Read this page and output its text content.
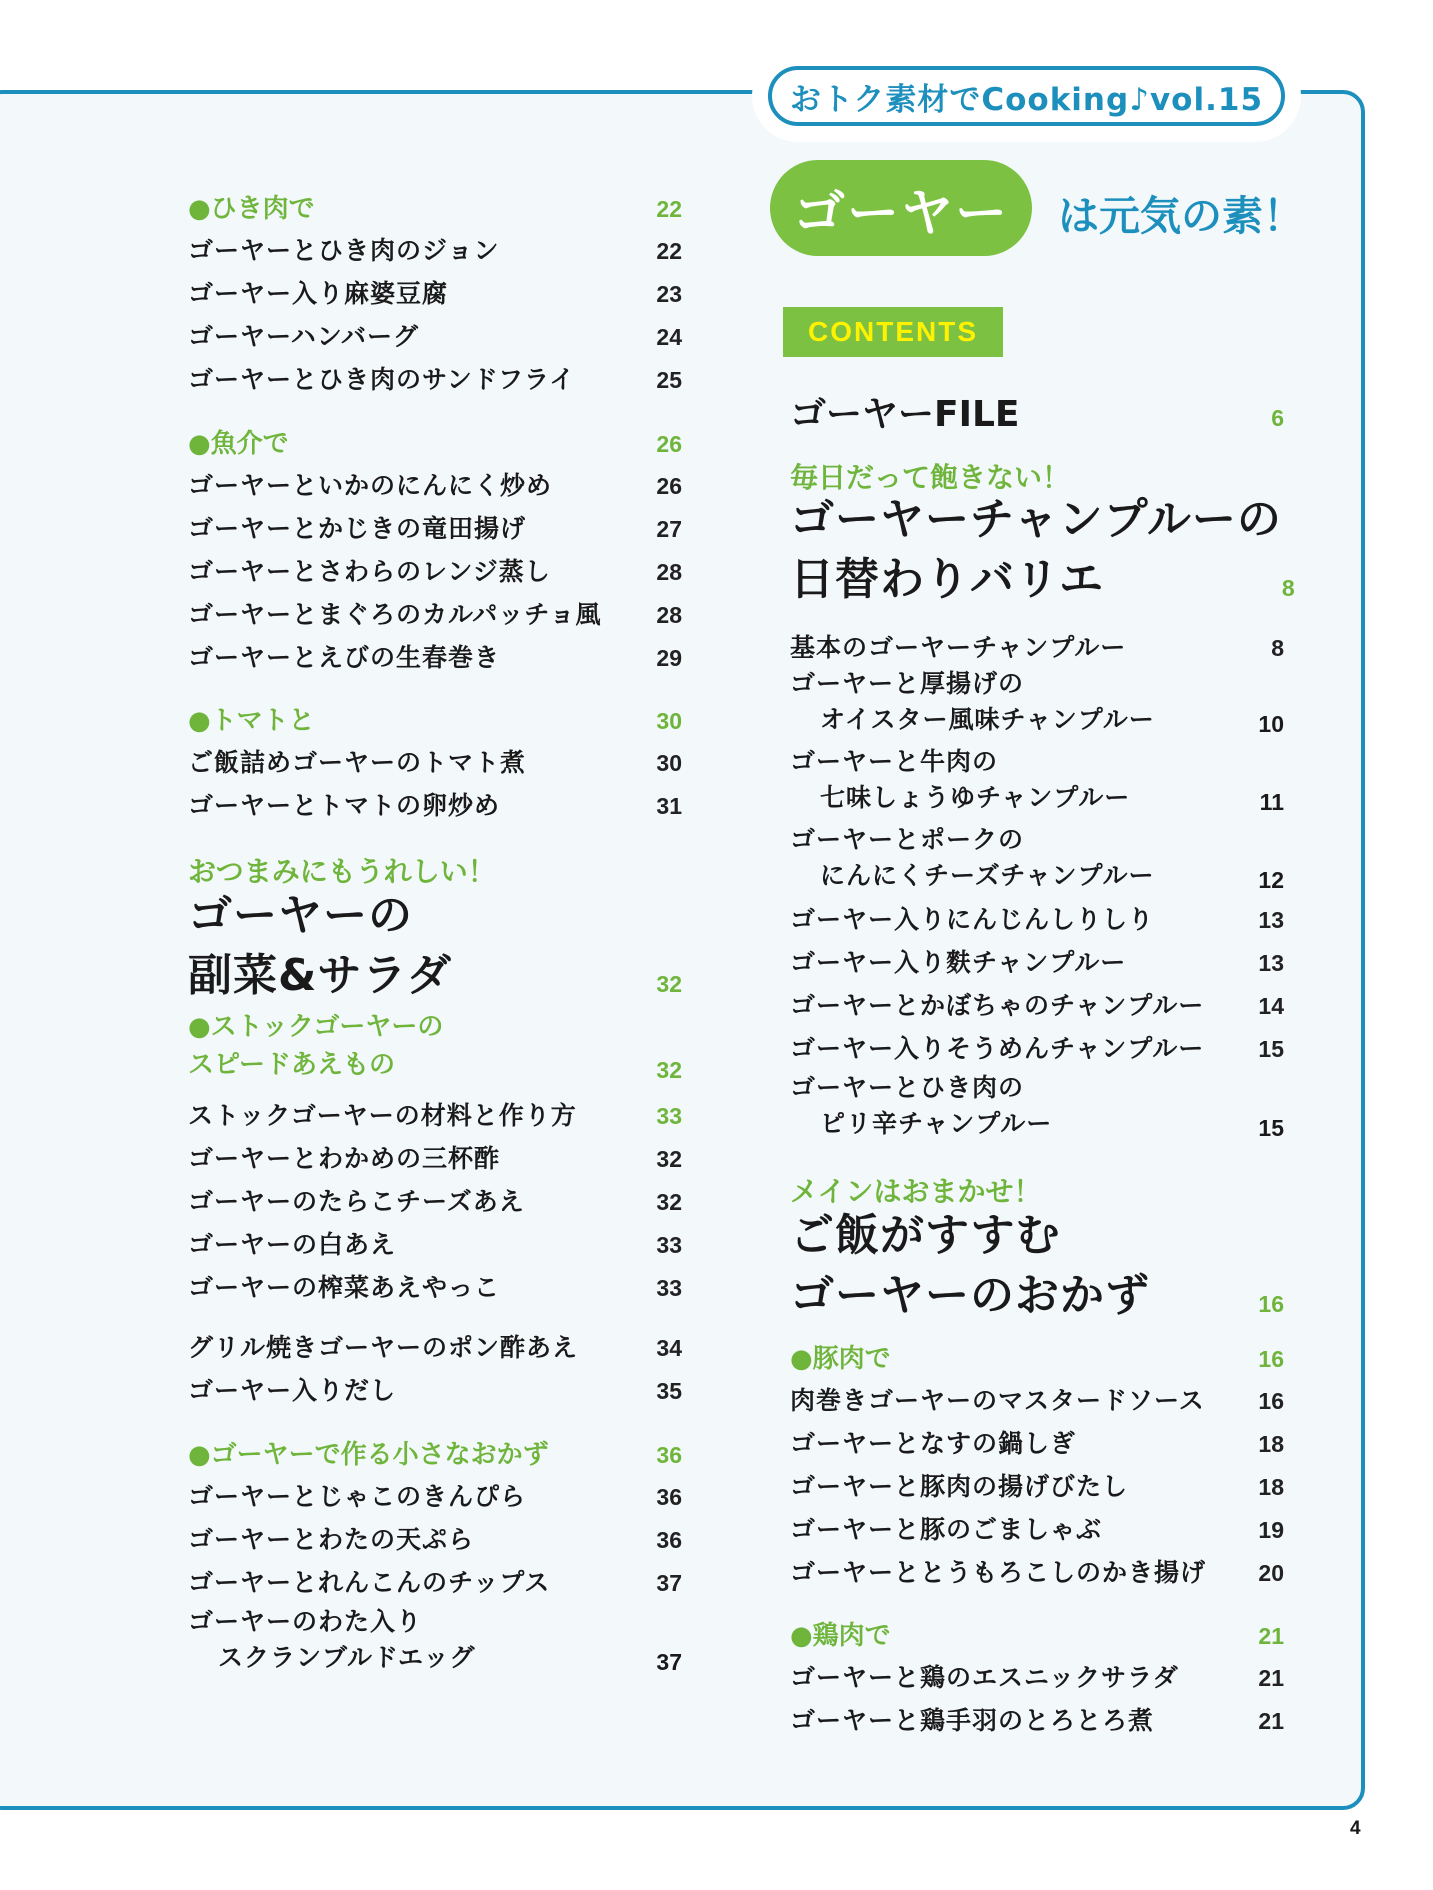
おトク素材でCooking♪vol.15
ゴーヤー	は元気の素！
CONTENTS
ゴーヤーFILE	6
毎日だって飽きない！
ゴーヤーチャンプルーの
日替わりバリエ	8
基本のゴーヤーチャンプルー	8
ゴーヤーと厚揚げの
オイスター風味チャンプルー	10
ゴーヤーと牛肉の
七味しょうゆチャンプルー	11
ゴーヤーとポークの
にんにくチーズチャンプルー	12
ゴーヤー入りにんじんしりしり	13
ゴーヤー入り麩チャンプルー	13
ゴーヤーとかぼちゃのチャンプルー	14
ゴーヤー入りそうめんチャンプルー	15
ゴーヤーとひき肉の
ピリ辛チャンプルー	15
メインはおまかせ！
ご飯がすすむ
ゴーヤーのおかず	16
●豚肉で	16
肉巻きゴーヤーのマスタードソース	16
ゴーヤーとなすの鍋しぎ	18
ゴーヤーと豚肉の揚げびたし	18
ゴーヤーと豚のごましゃぶ	19
ゴーヤーととうもろこしのかき揚げ	20
●鶏肉で	21
ゴーヤーと鶏のエスニックサラダ	21
ゴーヤーと鶏手羽のとろとろ煮	21
●ひき肉で	22
ゴーヤーとひき肉のジョン	22
ゴーヤー入り麻婆豆腐	23
ゴーヤーハンバーグ	24
ゴーヤーとひき肉のサンドフライ	25
●魚介で	26
ゴーヤーといかのにんにく炒め	26
ゴーヤーとかじきの竜田揚げ	27
ゴーヤーとさわらのレンジ蒸し	28
ゴーヤーとまぐろのカルパッチョ風	28
ゴーヤーとえびの生春巻き	29
●トマトと	30
ご飯詰めゴーヤーのトマト煮	30
ゴーヤーとトマトの卵炒め	31
おつまみにもうれしい！
ゴーヤーの
副菜&サラダ	32
●ストックゴーヤーの
スピードあえもの	32
ストックゴーヤーの材料と作り方	33
ゴーヤーとわかめの三杯酢	32
ゴーヤーのたらこチーズあえ	32
ゴーヤーの白あえ	33
ゴーヤーの榨菜あえやっこ	33
グリル焼きゴーヤーのポン酢あえ	34
ゴーヤー入りだし	35
●ゴーヤーで作る小さなおかず	36
ゴーヤーとじゃこのきんぴら	36
ゴーヤーとわたの天ぷら	36
ゴーヤーとれんこんのチップス	37
ゴーヤーのわた入り
スクランブルドエッグ	37
4
